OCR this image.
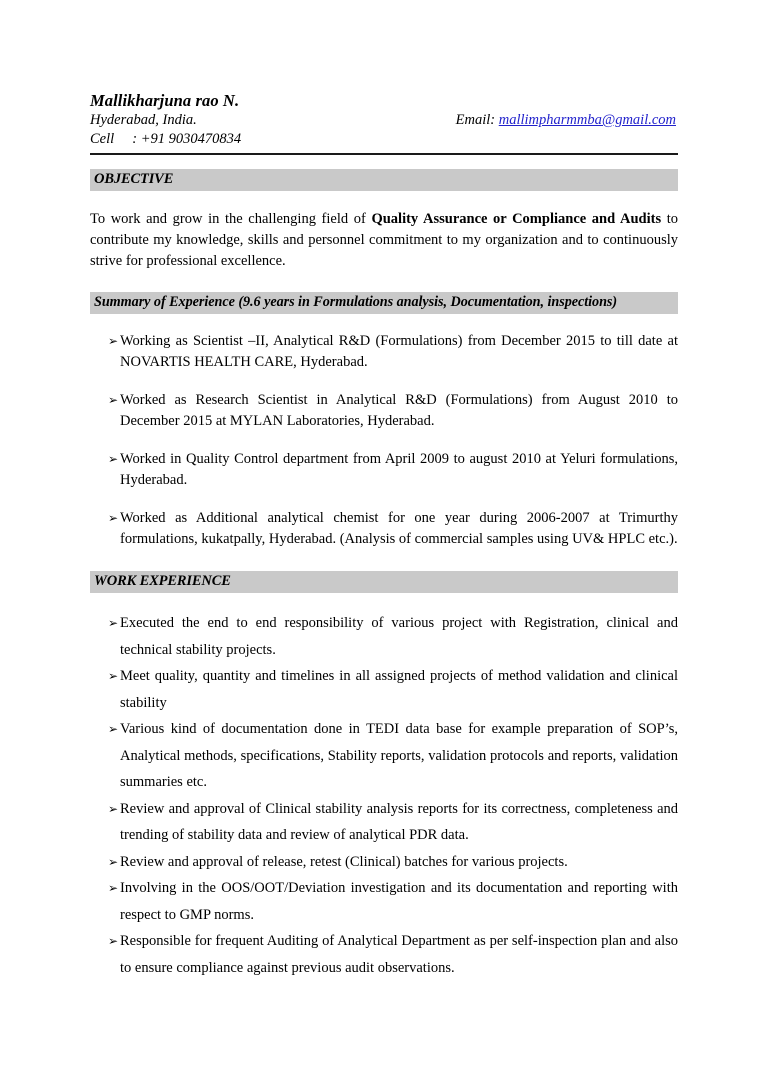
Mallikharjuna rao N.
Hyderabad, India.	Email: mallimpharmmba@gmail.com
Cell     : +91 9030470834
OBJECTIVE
To work and grow in the challenging field of Quality Assurance or Compliance and Audits to contribute my knowledge, skills and personnel commitment to my organization and to continuously strive for professional excellence.
Summary of Experience (9.6 years in Formulations analysis, Documentation, inspections)
➢ Working as Scientist –II, Analytical R&D (Formulations) from December 2015 to till date at NOVARTIS HEALTH CARE, Hyderabad.
➢ Worked as Research Scientist in Analytical R&D (Formulations) from August 2010 to December 2015 at MYLAN Laboratories, Hyderabad.
➢ Worked in Quality Control department from April 2009 to august 2010 at Yeluri formulations, Hyderabad.
➢ Worked as Additional analytical chemist for one year during 2006-2007 at Trimurthy formulations, kukatpally, Hyderabad. (Analysis of commercial samples using UV& HPLC etc.).
WORK EXPERIENCE
➢ Executed the end to end responsibility of various project with Registration, clinical and technical stability projects.
➢ Meet quality, quantity and timelines in all assigned projects of method validation and clinical stability
➢ Various kind of documentation done in TEDI data base for example preparation of SOP’s, Analytical methods, specifications, Stability reports, validation protocols and reports, validation summaries etc.
➢ Review and approval of Clinical stability analysis reports for its correctness, completeness and trending of stability data and review of analytical PDR data.
➢ Review and approval of release, retest (Clinical) batches for various projects.
➢ Involving in the OOS/OOT/Deviation investigation and its documentation and reporting with respect to GMP norms.
➢ Responsible for frequent Auditing of Analytical Department as per self-inspection plan and also to ensure compliance against previous audit observations.
